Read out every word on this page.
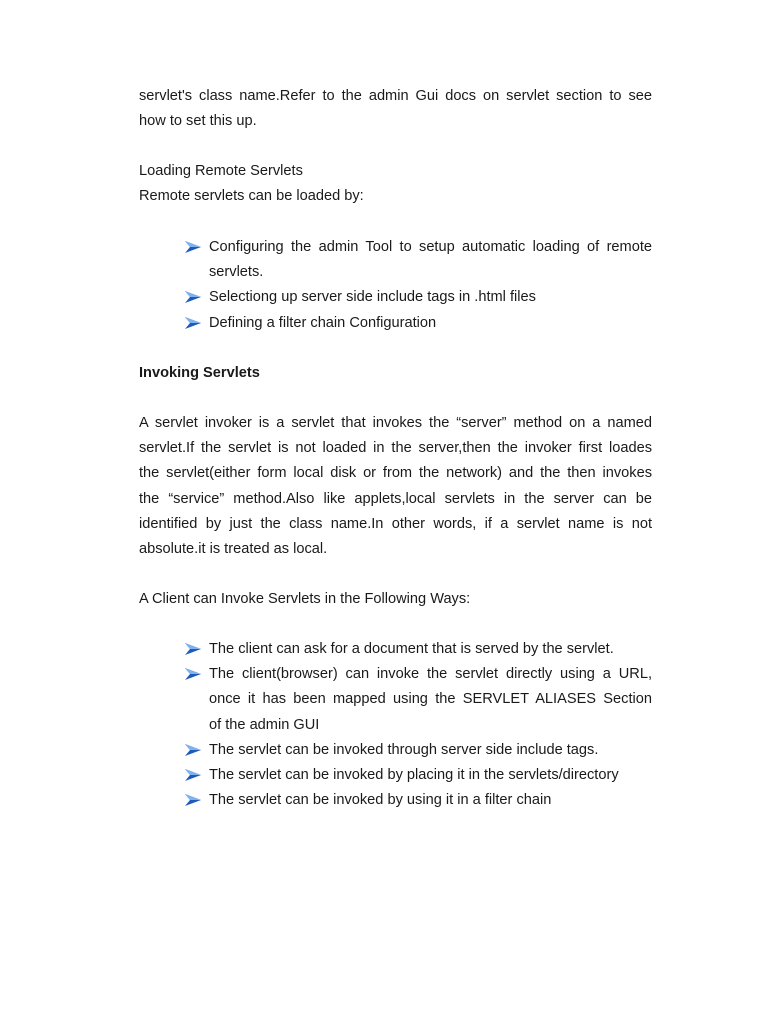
servlet's class name.Refer to the admin Gui docs on servlet section to see
how to set this up.
Loading Remote Servlets
Remote servlets can be loaded by:
Configuring the admin Tool to setup automatic loading of remote
servlets.
Selectiong up server side include tags in .html files
Defining a filter chain Configuration
Invoking Servlets
A servlet invoker is a servlet that invokes the “server” method on a named
servlet.If the servlet is not loaded in the server,then the invoker first loades
the servlet(either form local disk or from the network) and the then invokes
the “service” method.Also like applets,local servlets in the server can be
identified by just the class name.In other words, if a servlet name is not
absolute.it is treated as local.
A Client can Invoke Servlets in the Following Ways:
The client can ask for a document that is served by the servlet.
The client(browser) can invoke the servlet directly using a URL,
once it has been mapped using the SERVLET ALIASES Section
of the admin GUI
The servlet can be invoked through server side include tags.
The servlet can be invoked by placing it in the servlets/directory
The servlet can be invoked by using it in a filter chain
